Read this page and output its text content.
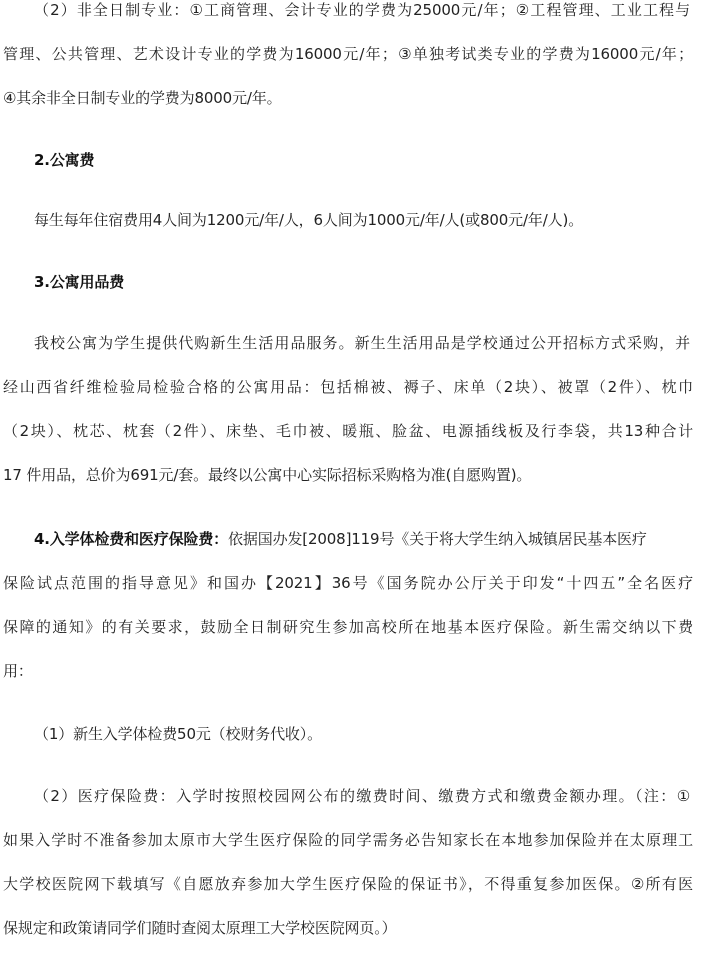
（2）非全日制专业：①工商管理、会计专业的学费为25000元/年；②工程管理、工业工程与
管理、公共管理、艺术设计专业的学费为16000元/年；③单独考试类专业的学费为16000元/年；
④其余非全日制专业的学费为8000元/年。
2.公寓费
每生每年住宿费用4人间为1200元/年/人，6人间为1000元/年/人(或800元/年/人)。
3.公寓用品费
我校公寓为学生提供代购新生生活用品服务。新生生活用品是学校通过公开招标方式采购，并
经山西省纤维检验局检验合格的公寓用品：包括棉被、褥子、床单（2块）、被罩（2件）、枕巾
（2块）、枕芯、枕套（2件）、床垫、毛巾被、暖瓶、脸盆、电源插线板及行李袋，共13种合计
17 件用品，总价为691元/套。最终以公寓中心实际招标采购格为准(自愿购置)。
4.入学体检费和医疗保险费：依据国办发[2008]119号《关于将大学生纳入城镇居民基本医疗
保险试点范围的指导意见》和国办【2021】36号《国务院办公厅关于印发“十四五”全名医疗
保障的通知》的有关要求，鼓励全日制研究生参加高校所在地基本医疗保险。新生需交纳以下费
用：
（1）新生入学体检费50元（校财务代收）。
（2）医疗保险费：入学时按照校园网公布的缴费时间、缴费方式和缴费金额办理。（注：①
如果入学时不准备参加太原市大学生医疗保险的同学需务必告知家长在本地参加保险并在太原理工
大学校医院网下载填写《自愿放弃参加大学生医疗保险的保证书》，不得重复参加医保。②所有医
保规定和政策请同学们随时查阅太原理工大学校医院网页。）
